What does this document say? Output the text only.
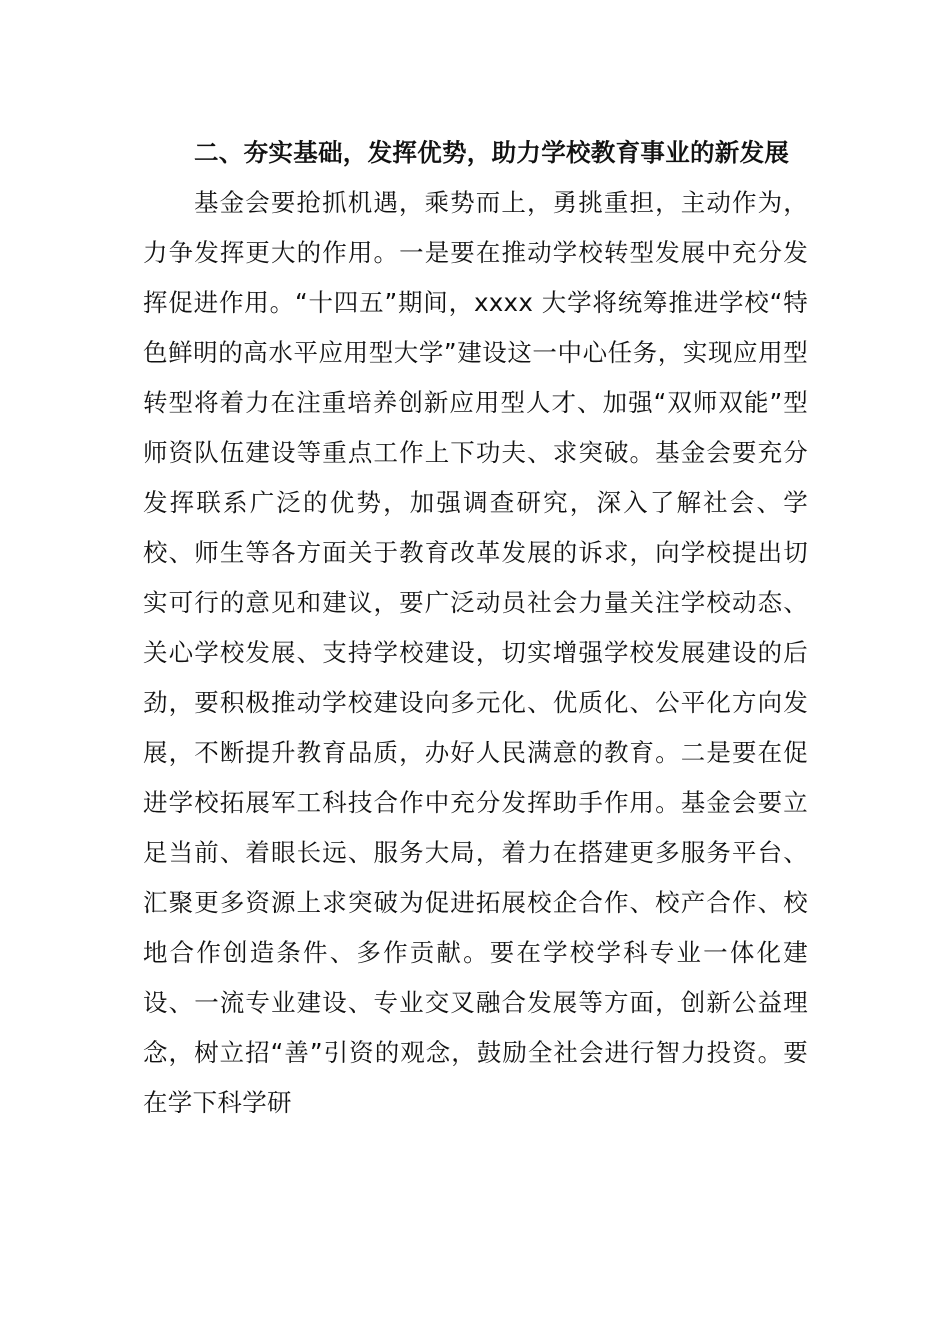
二、夯实基础，发挥优势，助力学校教育事业的新发展

基金会要抢抓机遇，乘势而上，勇挑重担，主动作为，力争发挥更大的作用。一是要在推动学校转型发展中充分发挥促进作用。“十四五”期间，xxxx 大学将统筹推进学校“特色鲜明的高水平应用型大学”建设这一中心任务，实现应用型转型将着力在注重培养创新应用型人才、加强“双师双能”型师资队伍建设等重点工作上下功夫、求突破。基金会要充分发挥联系广泛的优势，加强调查研究，深入了解社会、学校、师生等各方面关于教育改革发展的诉求，向学校提出切实可行的意见和建议，要广泛动员社会力量关注学校动态、关心学校发展、支持学校建设，切实增强学校发展建设的后劲，要积极推动学校建设向多元化、优质化、公平化方向发展，不断提升教育品质，办好人民满意的教育。二是要在促进学校拓展军工科技合作中充分发挥助手作用。基金会要立足当前、着眼长远、服务大局，着力在搭建更多服务平台、汇聚更多资源上求突破为促进拓展校企合作、校产合作、校地合作创造条件、多作贡献。要在学校学科专业一体化建设、一流专业建设、专业交叉融合发展等方面，创新公益理念，树立招“善”引资的观念，鼓励全社会进行智力投资。要在学下科学研
